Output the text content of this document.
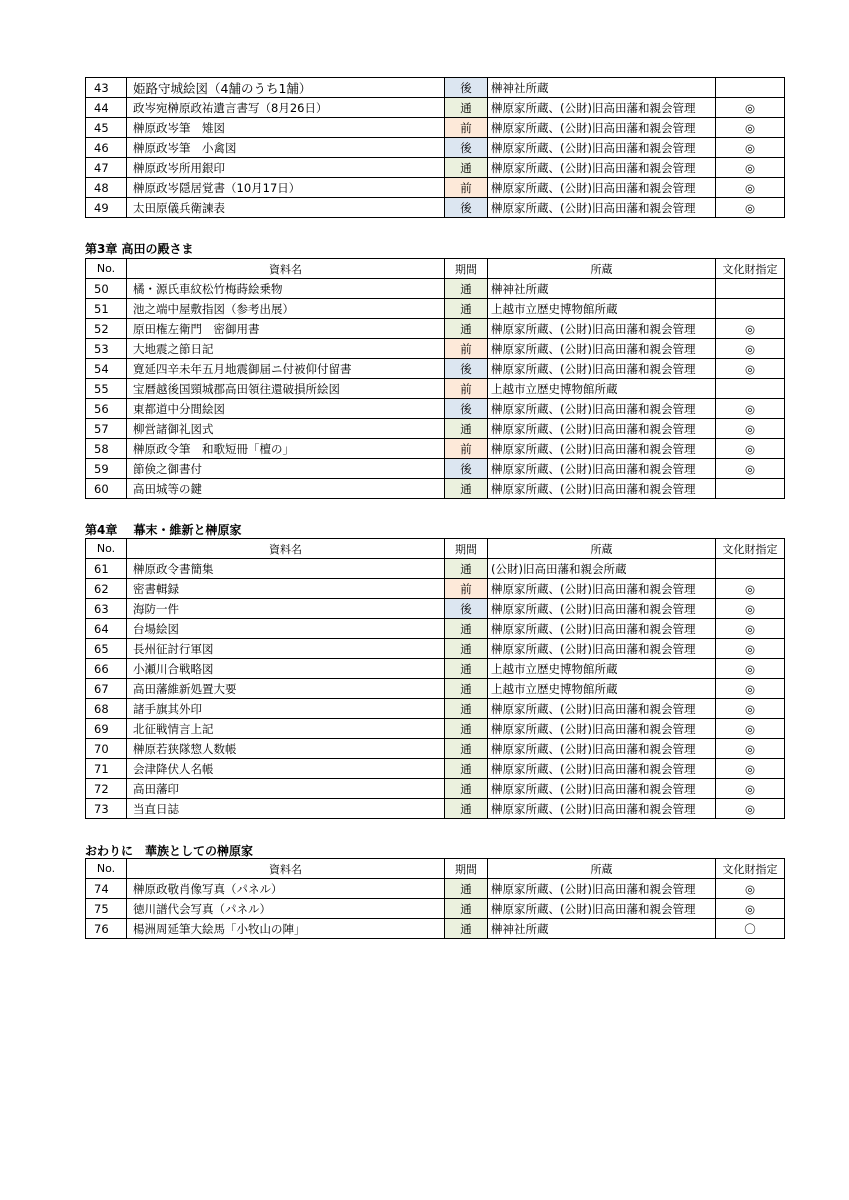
43	姫路守城絵図（4舗のうち1舗）	後	榊神社所蔵	
44	政岑宛榊原政祐遺言書写（8月26日）	通	榊原家所蔵、(公財)旧高田藩和親会管理	◎
45	榊原政岑筆　雉図	前	榊原家所蔵、(公財)旧高田藩和親会管理	◎
46	榊原政岑筆　小禽図	後	榊原家所蔵、(公財)旧高田藩和親会管理	◎
47	榊原政岑所用銀印	通	榊原家所蔵、(公財)旧高田藩和親会管理	◎
48	榊原政岑隠居覚書（10月17日）	前	榊原家所蔵、(公財)旧高田藩和親会管理	◎
49	太田原儀兵衛諫表	後	榊原家所蔵、(公財)旧高田藩和親会管理	◎
第3章 高田の殿さま
No.	資料名	期間	所蔵	文化財指定
50	橘・源氏車紋松竹梅蒔絵乗物	通	榊神社所蔵	
51	池之端中屋敷指図（参考出展）	通	上越市立歴史博物館所蔵	
52	原田権左衛門　密御用書	通	榊原家所蔵、(公財)旧高田藩和親会管理	◎
53	大地震之節日記	前	榊原家所蔵、(公財)旧高田藩和親会管理	◎
54	寛延四辛未年五月地震御届ニ付被仰付留書	後	榊原家所蔵、(公財)旧高田藩和親会管理	◎
55	宝暦越後国頸城郡高田領往還破損所絵図	前	上越市立歴史博物館所蔵	
56	東都道中分間絵図	後	榊原家所蔵、(公財)旧高田藩和親会管理	◎
57	柳営諸御礼図式	通	榊原家所蔵、(公財)旧高田藩和親会管理	◎
58	榊原政令筆　和歌短冊「檀の」	前	榊原家所蔵、(公財)旧高田藩和親会管理	◎
59	節倹之御書付	後	榊原家所蔵、(公財)旧高田藩和親会管理	◎
60	高田城等の鍵	通	榊原家所蔵、(公財)旧高田藩和親会管理	
第4章　 幕末・維新と榊原家
No.	資料名	期間	所蔵	文化財指定
61	榊原政令書簡集	通	(公財)旧高田藩和親会所蔵	
62	密書輯録	前	榊原家所蔵、(公財)旧高田藩和親会管理	◎
63	海防一件	後	榊原家所蔵、(公財)旧高田藩和親会管理	◎
64	台場絵図	通	榊原家所蔵、(公財)旧高田藩和親会管理	◎
65	長州征討行軍図	通	榊原家所蔵、(公財)旧高田藩和親会管理	◎
66	小瀬川合戦略図	通	上越市立歴史博物館所蔵	◎
67	高田藩維新処置大要	通	上越市立歴史博物館所蔵	◎
68	諸手旗其外印	通	榊原家所蔵、(公財)旧高田藩和親会管理	◎
69	北征戦情言上記	通	榊原家所蔵、(公財)旧高田藩和親会管理	◎
70	榊原若狭隊惣人数帳	通	榊原家所蔵、(公財)旧高田藩和親会管理	◎
71	会津降伏人名帳	通	榊原家所蔵、(公財)旧高田藩和親会管理	◎
72	高田藩印	通	榊原家所蔵、(公財)旧高田藩和親会管理	◎
73	当直日誌	通	榊原家所蔵、(公財)旧高田藩和親会管理	◎
おわりに　華族としての榊原家
No.	資料名	期間	所蔵	文化財指定
74	榊原政敬肖像写真（パネル）	通	榊原家所蔵、(公財)旧高田藩和親会管理	◎
75	徳川譜代会写真（パネル）	通	榊原家所蔵、(公財)旧高田藩和親会管理	◎
76	楊洲周延筆大絵馬「小牧山の陣」	通	榊神社所蔵	〇
